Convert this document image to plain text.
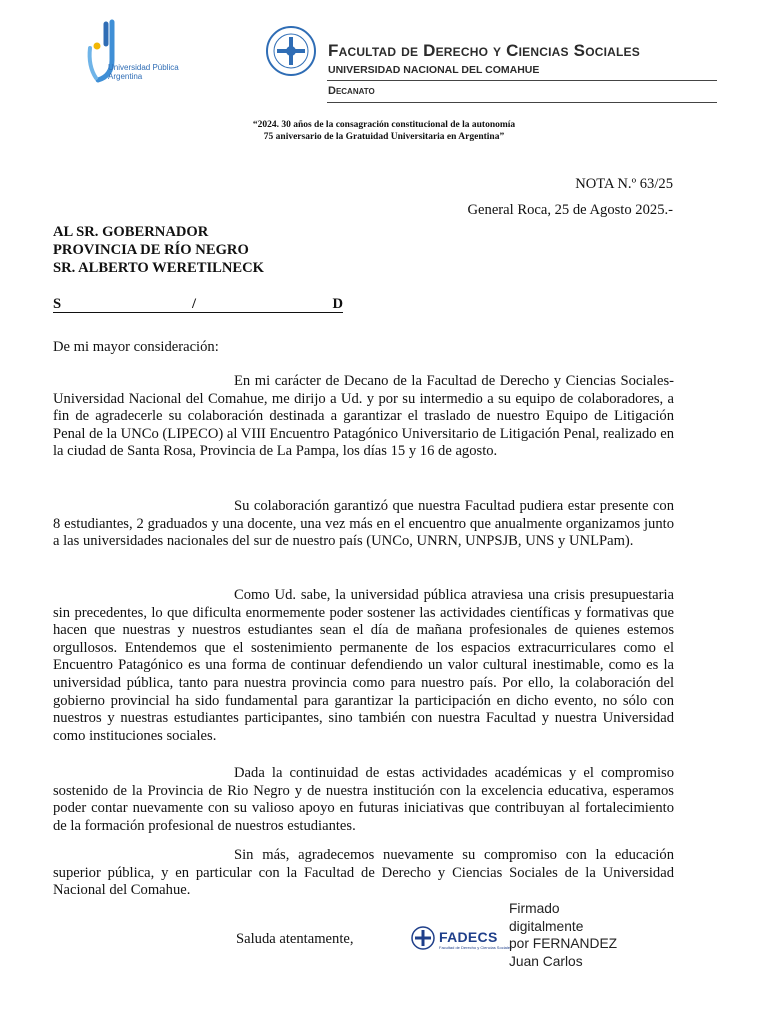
Universidad Pública
Argentina
Facultad de Derecho y Ciencias Sociales
UNIVERSIDAD NACIONAL DEL COMAHUE
Decanato
“2024. 30 años de la consagración constitucional de la autonomía
75 aniversario de la Gratuidad Universitaria en Argentina”
NOTA N.º 63/25
General Roca, 25 de Agosto 2025.-
AL SR. GOBERNADOR
PROVINCIA DE RÍO NEGRO
SR. ALBERTO WERETILNECK
S	/	D
De mi mayor consideración:
En mi carácter de Decano de la Facultad de Derecho y Ciencias Sociales- Universidad Nacional del Comahue, me dirijo a Ud. y por su intermedio a su equipo de colaboradores, a fin de agradecerle su colaboración destinada a garantizar el traslado de nuestro Equipo de Litigación Penal de la UNCo (LIPECO) al VIII Encuentro Patagónico Universitario de Litigación Penal, realizado en la ciudad de Santa Rosa, Provincia de La Pampa, los días 15 y 16 de agosto.
Su colaboración garantizó que nuestra Facultad pudiera estar presente con 8 estudiantes, 2 graduados y una docente, una vez más en el encuentro que anualmente organizamos junto a las universidades nacionales del sur de nuestro país (UNCo, UNRN, UNPSJB, UNS y UNLPam).
Como Ud. sabe, la universidad pública atraviesa una crisis presupuestaria sin precedentes, lo que dificulta enormemente poder sostener las actividades científicas y formativas que hacen que nuestras y nuestros estudiantes sean el día de mañana profesionales de quienes estemos orgullosos. Entendemos que el sostenimiento permanente de los espacios extracurriculares como el Encuentro Patagónico es una forma de continuar defendiendo un valor cultural inestimable, como es la universidad pública, tanto para nuestra provincia como para nuestro país. Por ello, la colaboración del gobierno provincial ha sido fundamental para garantizar la participación en dicho evento, no sólo con nuestros y nuestras estudiantes participantes, sino también con nuestra Facultad y nuestra Universidad como instituciones sociales.
Dada la continuidad de estas actividades académicas y el compromiso sostenido de la Provincia de Rio Negro y de nuestra institución con la excelencia educativa, esperamos poder contar nuevamente con su valioso apoyo en futuras iniciativas que contribuyan al fortalecimiento de la formación profesional de nuestros estudiantes.
Sin más, agradecemos nuevamente su compromiso con la educación superior pública, y en particular con la Facultad de Derecho y Ciencias Sociales de la Universidad Nacional del Comahue.
Saluda atentamente,	FADECS
Facultad de Derecho y Ciencias Sociales
Firmado
digitalmente
por FERNANDEZ
Juan Carlos
